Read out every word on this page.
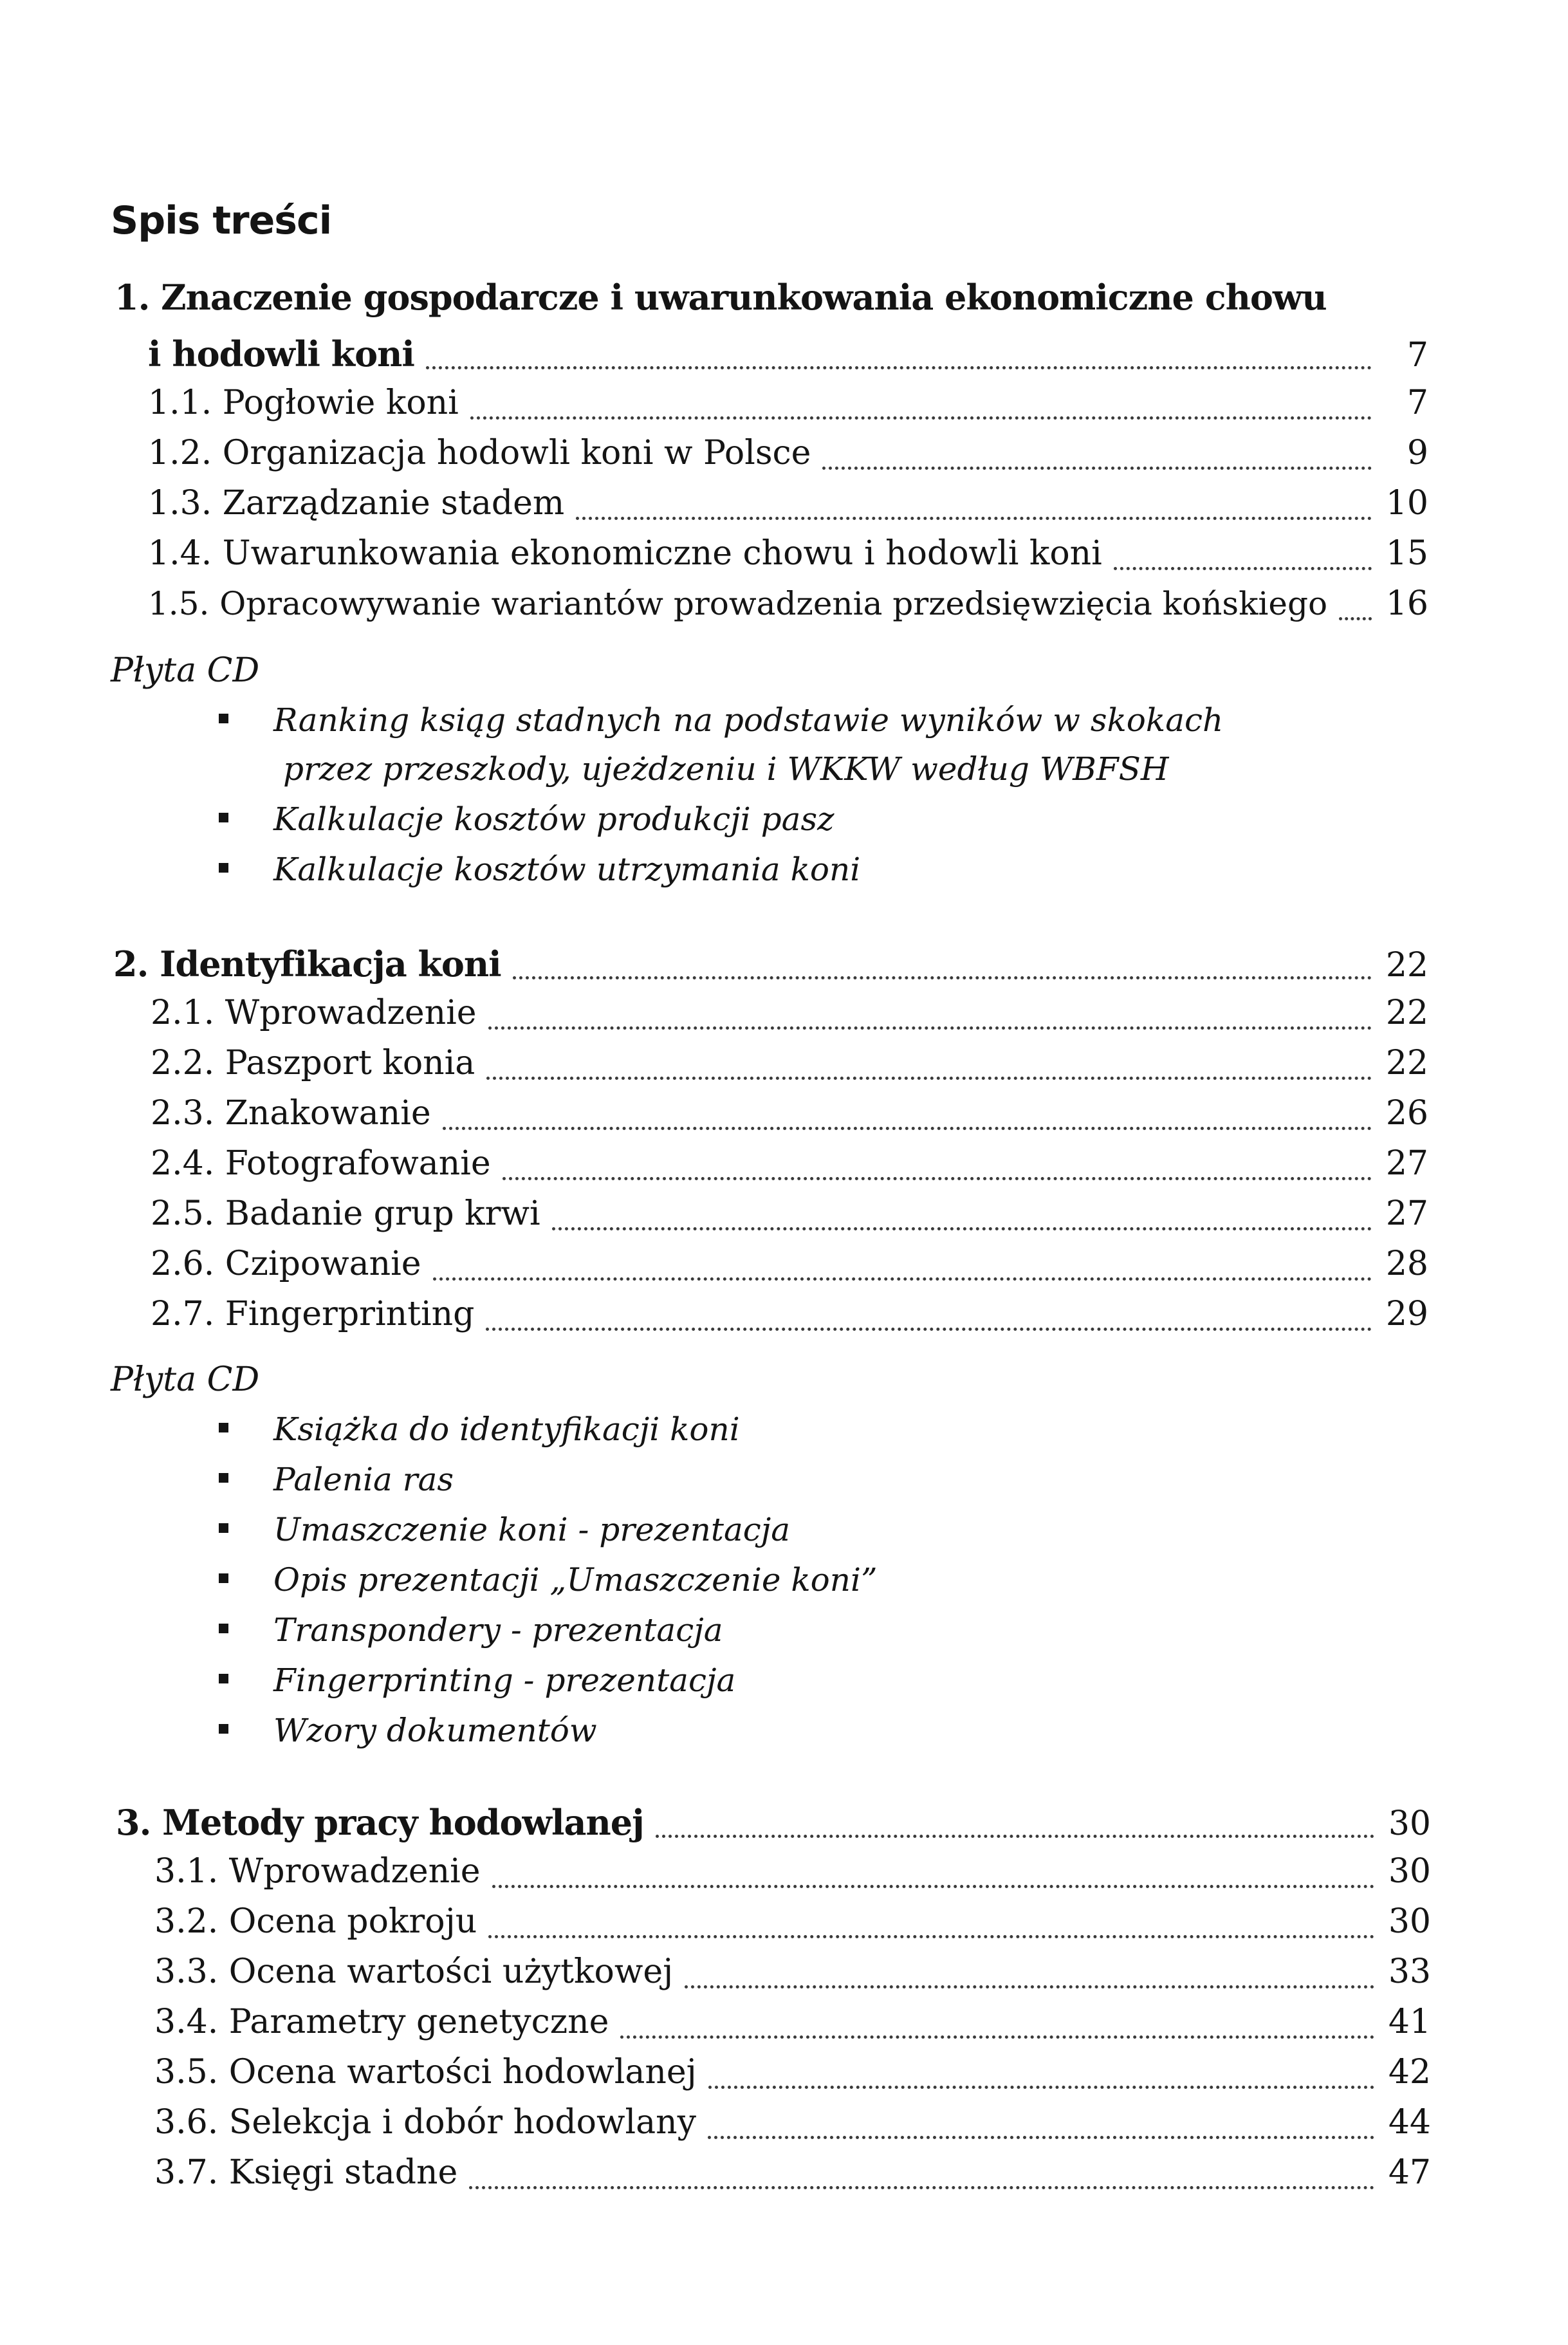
Spis treści
1. Znaczenie gospodarcze i uwarunkowania ekonomiczne chowu
i hodowli koni	7
1.1. Pogłowie koni	7
1.2. Organizacja hodowli koni w Polsce	9
1.3. Zarządzanie stadem	10
1.4. Uwarunkowania ekonomiczne chowu i hodowli koni	15
1.5. Opracowywanie wariantów prowadzenia przedsięwzięcia końskiego 16
Płyta CD
Ranking ksiąg stadnych na podstawie wyników w skokach
przez przeszkody, ujeżdzeniu i WKKW według WBFSH
Kalkulacje kosztów produkcji pasz
Kalkulacje kosztów utrzymania koni
2. Identyfikacja koni	22
2.1. Wprowadzenie	22
2.2. Paszport konia	22
2.3. Znakowanie	26
2.4. Fotografowanie	27
2.5. Badanie grup krwi	27
2.6. Czipowanie	28
2.7. Fingerprinting	29
Płyta CD
Książka do identyfikacji koni
Palenia ras
Umaszczenie koni - prezentacja
Opis prezentacji „Umaszczenie koni”
Transpondery - prezentacja
Fingerprinting - prezentacja
Wzory dokumentów
3. Metody pracy hodowlanej	30
3.1. Wprowadzenie	30
3.2. Ocena pokroju	30
3.3. Ocena wartości użytkowej	33
3.4. Parametry genetyczne	41
3.5. Ocena wartości hodowlanej	42
3.6. Selekcja i dobór hodowlany	44
3.7. Księgi stadne	47
